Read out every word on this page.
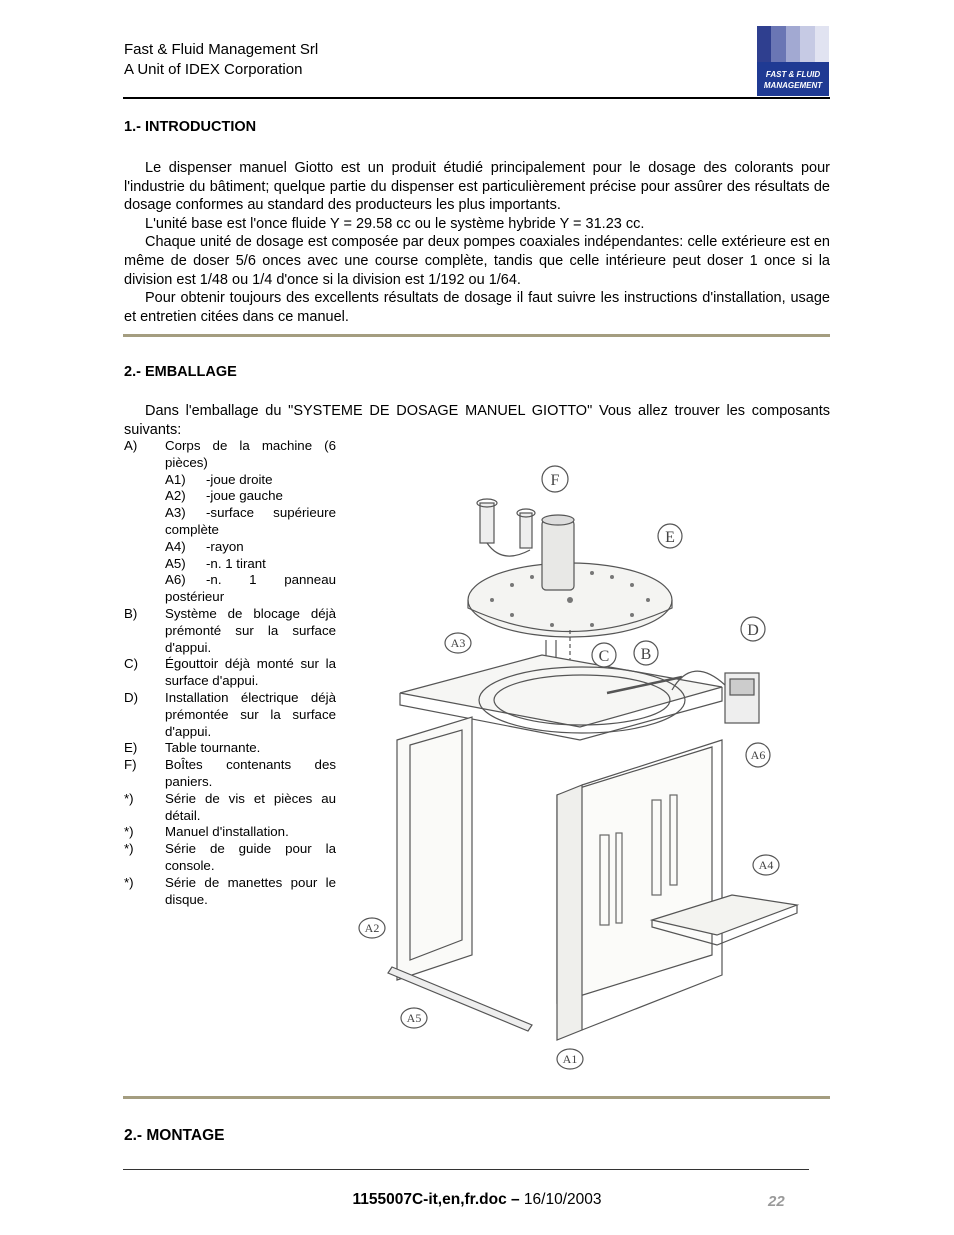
Fast & Fluid Management Srl
A Unit of IDEX Corporation	FAST & FLUID
MANAGEMENT
1.- INTRODUCTION

Le dispenser manuel Giotto est un produit étudié principalement pour le dosage des colorants pour l'industrie du bâtiment; quelque partie du dispenser est particulièrement précise pour assûrer des résultats de dosage conformes au standard des producteurs les plus importants.

L'unité base est l'once fluide Y = 29.58 cc ou le système hybride Y = 31.23 cc.

Chaque unité de dosage est composée par deux pompes coaxiales indépendantes: celle extérieure est en même de doser 5/6 onces avec une course complète, tandis que celle intérieure peut doser 1 once si la division est 1/48 ou 1/4 d'once si la division est 1/192 ou 1/64.

Pour obtenir toujours des excellents résultats de dosage il faut suivre les instructions d'installation, usage et entretien citées dans ce manuel.

2.- EMBALLAGE

Dans l'emballage du "SYSTEME DE DOSAGE MANUEL GIOTTO" Vous allez trouver les composants suivants:

A)	Corps de la machine (6 pièces)
A1)	-joue droite
A2)	-joue gauche
A3) -surface supérieure complète
A4)	-rayon
A5)	-n. 1 tirant
A6) -n. 1 panneau postérieur
B)	Système de blocage déjà prémonté sur la surface d'appui.
C)	Égouttoir déjà monté sur la surface d'appui.
D)	Installation électrique déjà prémontée sur la surface d'appui.
E)	Table tournante.
F)	BoÎtes contenants des paniers.
*)	Série de vis et pièces au détail.
*)	Manuel d'installation.
*)	Série de guide pour la console.
*)	Série de manettes pour le disque.
F
E
D
C B
A3
A6
A4
A2
A5
A1
2.- MONTAGE
1155007C-it,en,fr.doc – 16/10/2003	22
